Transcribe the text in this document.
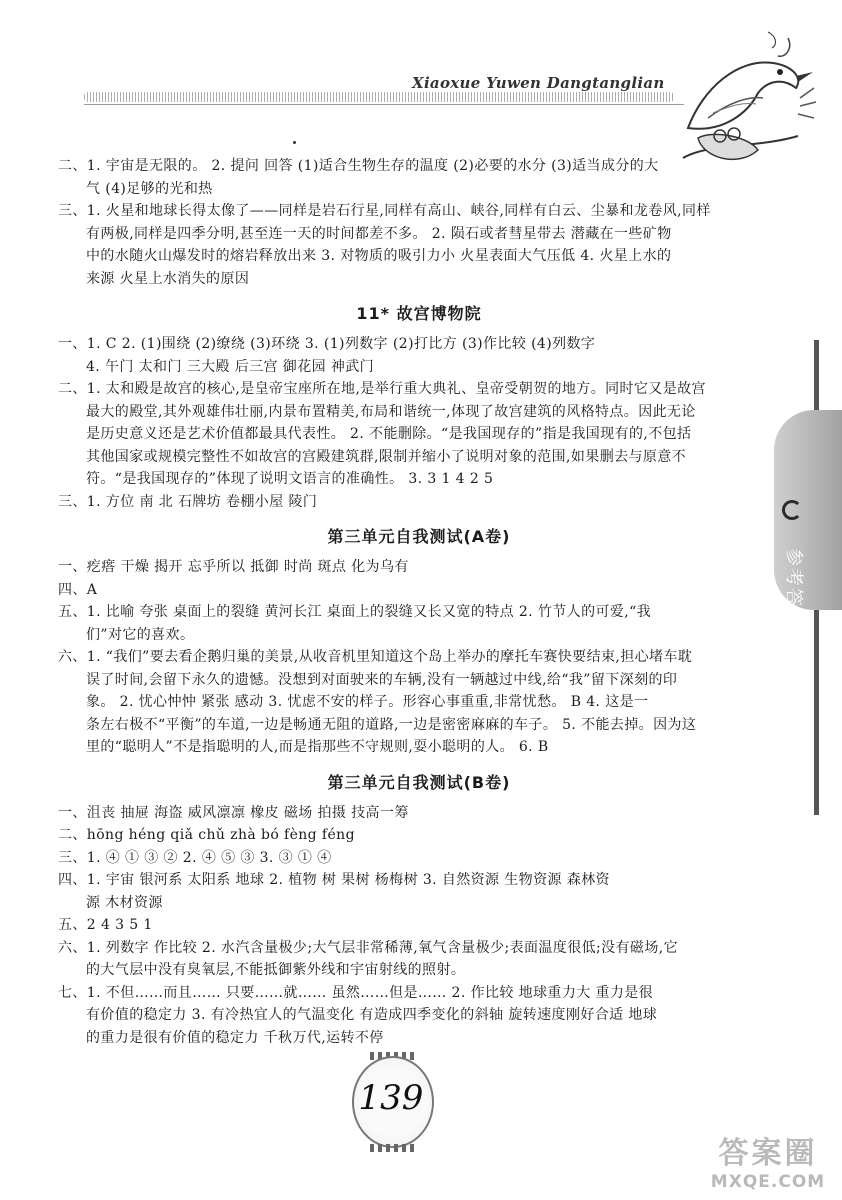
Xiaoxue Yuwen Dangtanglian
参考答案

二、1. 宇宙是无限的。 2. 提问 回答 (1)适合生物生存的温度 (2)必要的水分 (3)适当成分的大

气 (4)足够的光和热

三、1. 火星和地球长得太像了——同样是岩石行星,同样有高山、峡谷,同样有白云、尘暴和龙卷风,同样

有两极,同样是四季分明,甚至连一天的时间都差不多。 2. 陨石或者彗星带去 潜藏在一些矿物

中的水随火山爆发时的熔岩释放出来 3. 对物质的吸引力小 火星表面大气压低 4. 火星上水的

来源 火星上水消失的原因

11* 故宫博物院

一、1. C 2. (1)围绕 (2)缭绕 (3)环绕 3. (1)列数字 (2)打比方 (3)作比较 (4)列数字

4. 午门 太和门 三大殿 后三宫 御花园 神武门

二、1. 太和殿是故宫的核心,是皇帝宝座所在地,是举行重大典礼、皇帝受朝贺的地方。同时它又是故宫

最大的殿堂,其外观雄伟壮丽,内景布置精美,布局和谐统一,体现了故宫建筑的风格特点。因此无论

是历史意义还是艺术价值都最具代表性。 2. 不能删除。“是我国现存的”指是我国现有的,不包括

其他国家或规模完整性不如故宫的宫殿建筑群,限制并缩小了说明对象的范围,如果删去与原意不

符。“是我国现存的”体现了说明文语言的准确性。 3. 3 1 4 2 5

三、1. 方位 南 北 石牌坊 卷棚小屋 陵门

第三单元自我测试(A卷)

一、疙瘩 干燥 揭开 忘乎所以 抵御 时尚 斑点 化为乌有

四、A

五、1. 比喻 夸张 桌面上的裂缝 黄河长江 桌面上的裂缝又长又宽的特点 2. 竹节人的可爱,“我

们”对它的喜欢。

六、1. “我们”要去看企鹅归巢的美景,从收音机里知道这个岛上举办的摩托车赛快要结束,担心堵车耽

误了时间,会留下永久的遗憾。没想到对面驶来的车辆,没有一辆越过中线,给“我”留下深刻的印

象。 2. 忧心忡忡 紧张 感动 3. 忧虑不安的样子。形容心事重重,非常忧愁。 B 4. 这是一

条左右极不“平衡”的车道,一边是畅通无阻的道路,一边是密密麻麻的车子。 5. 不能去掉。因为这

里的“聪明人”不是指聪明的人,而是指那些不守规则,耍小聪明的人。 6. B

第三单元自我测试(B卷)

一、沮丧 抽屉 海盗 威风凛凛 橡皮 磁场 拍摄 技高一筹

二、hōng héng qiǎ chǔ zhà bó fèng féng

三、1. ④ ① ③ ② 2. ④ ⑤ ③ 3. ③ ① ④

四、1. 宇宙 银河系 太阳系 地球 2. 植物 树 果树 杨梅树 3. 自然资源 生物资源 森林资

源 木材资源

五、2 4 3 5 1

六、1. 列数字 作比较 2. 水汽含量极少;大气层非常稀薄,氧气含量极少;表面温度很低;没有磁场,它

的大气层中没有臭氧层,不能抵御紫外线和宇宙射线的照射。

七、1. 不但……而且…… 只要……就…… 虽然……但是…… 2. 作比较 地球重力大 重力是很

有价值的稳定力 3. 有冷热宜人的气温变化 有造成四季变化的斜轴 旋转速度刚好合适 地球

的重力是很有价值的稳定力 千秋万代,运转不停

139
答案圈
MXQE.COM
